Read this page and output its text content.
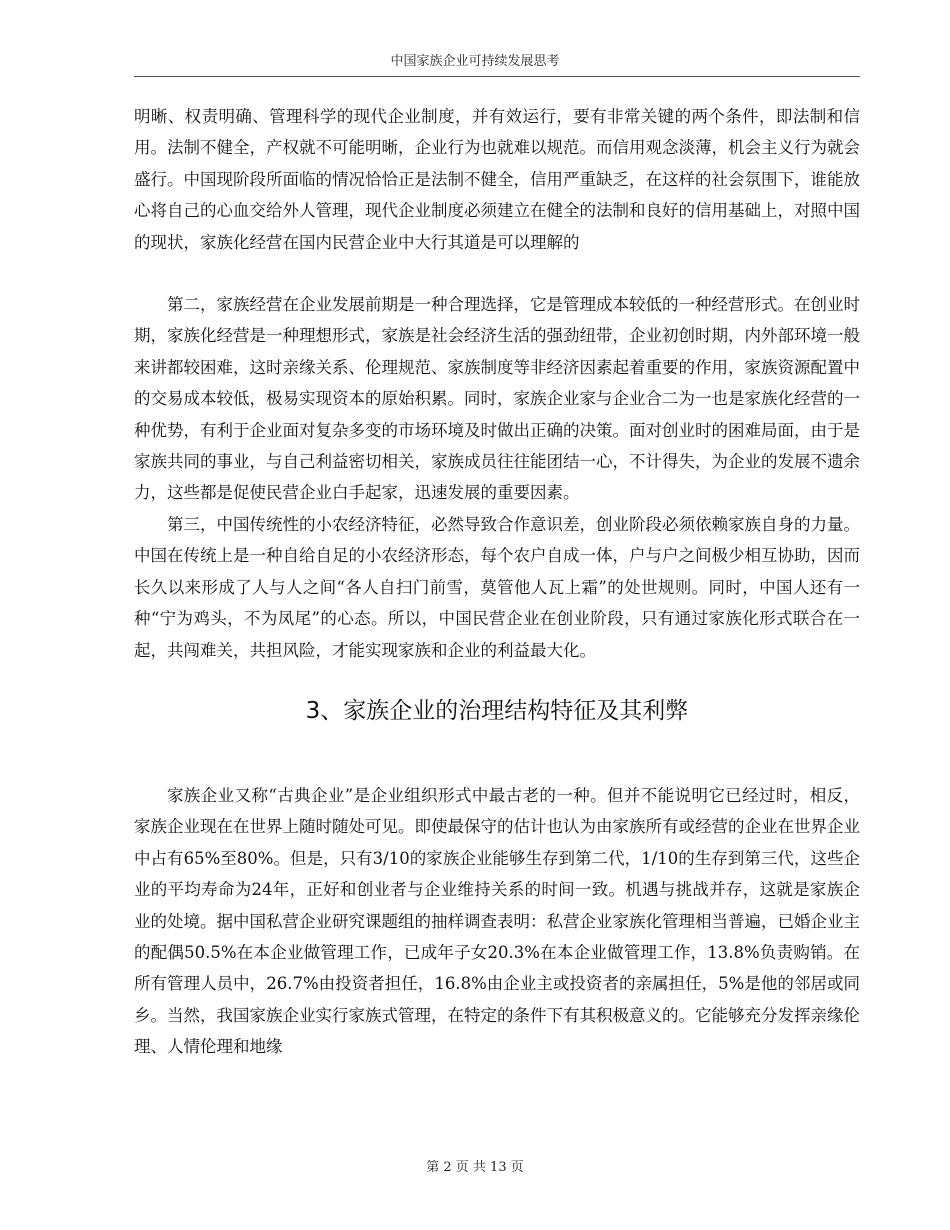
中国家族企业可持续发展思考

明晰、权责明确、管理科学的现代企业制度，并有效运行，要有非常关键的两个条件，即法制和信用。法制不健全，产权就不可能明晰，企业行为也就难以规范。而信用观念淡薄，机会主义行为就会盛行。中国现阶段所面临的情况恰恰正是法制不健全，信用严重缺乏，在这样的社会氛围下，谁能放心将自己的心血交给外人管理，现代企业制度必须建立在健全的法制和良好的信用基础上，对照中国的现状，家族化经营在国内民营企业中大行其道是可以理解的

第二，家族经营在企业发展前期是一种合理选择，它是管理成本较低的一种经营形式。在创业时期，家族化经营是一种理想形式，家族是社会经济生活的强劲纽带，企业初创时期，内外部环境一般来讲都较困难，这时亲缘关系、伦理规范、家族制度等非经济因素起着重要的作用，家族资源配置中的交易成本较低，极易实现资本的原始积累。同时，家族企业家与企业合二为一也是家族化经营的一种优势，有利于企业面对复杂多变的市场环境及时做出正确的决策。面对创业时的困难局面，由于是家族共同的事业，与自己利益密切相关，家族成员往往能团结一心，不计得失，为企业的发展不遗余力，这些都是促使民营企业白手起家，迅速发展的重要因素。

第三，中国传统性的小农经济特征，必然导致合作意识差，创业阶段必须依赖家族自身的力量。中国在传统上是一种自给自足的小农经济形态，每个农户自成一体，户与户之间极少相互协助，因而长久以来形成了人与人之间“各人自扫门前雪，莫管他人瓦上霜”的处世规则。同时，中国人还有一种“宁为鸡头，不为凤尾”的心态。所以，中国民营企业在创业阶段，只有通过家族化形式联合在一起，共闯难关，共担风险，才能实现家族和企业的利益最大化。

3、家族企业的治理结构特征及其利弊

家族企业又称“古典企业”是企业组织形式中最古老的一种。但并不能说明它已经过时，相反，家族企业现在在世界上随时随处可见。即使最保守的估计也认为由家族所有或经营的企业在世界企业中占有65%至80%。但是，只有3/10的家族企业能够生存到第二代，1/10的生存到第三代，这些企业的平均寿命为24年，正好和创业者与企业维持关系的时间一致。机遇与挑战并存，这就是家族企业的处境。据中国私营企业研究课题组的抽样调查表明：私营企业家族化管理相当普遍，已婚企业主的配偶50.5%在本企业做管理工作，已成年子女20.3%在本企业做管理工作，13.8%负责购销。在所有管理人员中，26.7%由投资者担任，16.8%由企业主或投资者的亲属担任，5%是他的邻居或同乡。当然，我国家族企业实行家族式管理，在特定的条件下有其积极意义的。它能够充分发挥亲缘伦理、人情伦理和地缘

第 2 页 共 13 页
